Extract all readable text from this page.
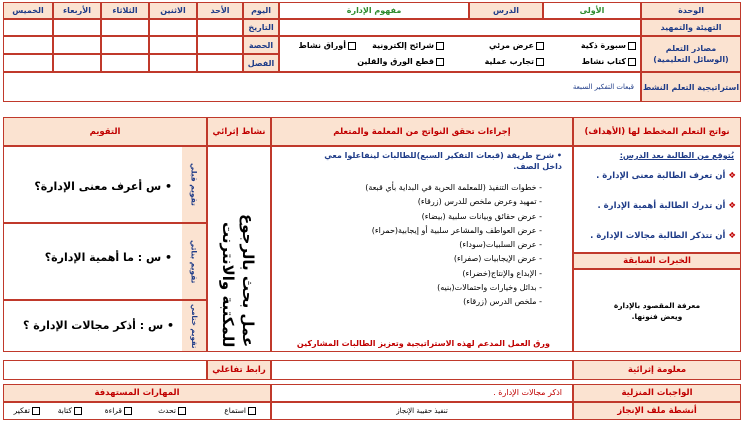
الوحدة
الأولى
الدرس
مفهوم الإدارة
اليوم
الأحد
الاثنين
الثلاثاء
الأربعاء
الخميس
التهيئة والتمهيد
التاريخ
مصادر التعلم
(الوسائل التعليمية)
سبورة ذكية
عرض مرئي
شرائح إلكترونية
أوراق نشاط
كتاب نشاط
تجارب عملية
قطع الورق والقلين
الحصة
الفصل
استراتيجية التعلم النشط
قبعات التفكير السبعة
نواتج التعلم المخطط لها (الأهداف)
إجراءات تحقق النواتج من المعلمة والمتعلم
نشاط إثرائي
التقويم
يُتوقع من الطالبة بعد الدرس:
❖ أن تعرف الطالبة معنى الإدارة .
❖ أن تدرك الطالبة أهمية الإدارة .
❖ أن تتذكر الطالبة مجالات الإدارة .
الخبرات السابقة
معرفة المقصود بالإدارة ويعض فنونها.
• شرح طريقة (قبعات التفكير السبع)للطالبات لينفاعلوا معي داخل الصف.
- خطوات التنفيذ (للمعلمة الحرية في البداية بأي قبعة)
- تمهيد وعرض ملخص للدرس (زرقاء)
- عرض حقائق وبيانات سلبية (بيضاء)
- عرض العواطف والمشاعر سلبية أو إيجابية(حمراء)
- عرض السلبيات(سوداء)
- عرض الإيجابيات (صفراء)
- الإبداع والإنتاج(خضراء)
- بدائل وخيارات واحتمالات(بنيه)
- ملخص الدرس (زرقاء)
ورق العمل المدعم لهذه الاستراتيجية وتعزيز الطالبات المشاركين
عمل بحث بالرجوع للمكتبة والانترنت
تقويم قبلي
• س أعرف معنى الإدارة؟
تقويم بنائي
• س : ما أهمية الإدارة؟
تقويم ختامي
• س : أذكر مجالات الإدارة ؟
معلومة إثرائية
رابط تفاعلي
الواجبات المنزلية
اذكر مجالات الإدارة .
المهارات المستهدفة
أنشطة ملف الإنجاز
تنفيذ حقيبة الإنجاز
استماع
تحدث
قراءة
كتابة
تفكير
